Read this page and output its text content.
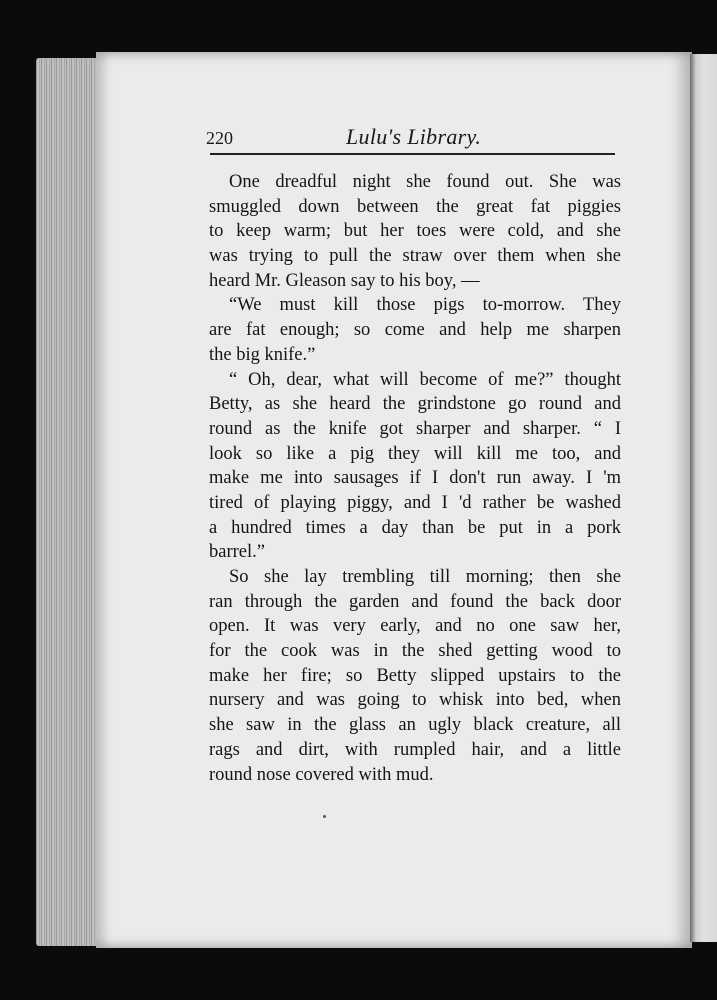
220	Lulu's Library.
One dreadful night she found out. She was
smuggled down between the great fat piggies
to keep warm; but her toes were cold, and she
was trying to pull the straw over them when she
heard Mr. Gleason say to his boy, —
“We must kill those pigs to-morrow. They
are fat enough; so come and help me sharpen
the big knife.”
“ Oh, dear, what will become of me?” thought
Betty, as she heard the grindstone go round and
round as the knife got sharper and sharper. “ I
look so like a pig they will kill me too, and
make me into sausages if I don't run away. I 'm
tired of playing piggy, and I 'd rather be washed
a hundred times a day than be put in a pork
barrel.”
So she lay trembling till morning; then she
ran through the garden and found the back door
open. It was very early, and no one saw her,
for the cook was in the shed getting wood to
make her fire; so Betty slipped upstairs to the
nursery and was going to whisk into bed, when
she saw in the glass an ugly black creature, all
rags and dirt, with rumpled hair, and a little
round nose covered with mud.
